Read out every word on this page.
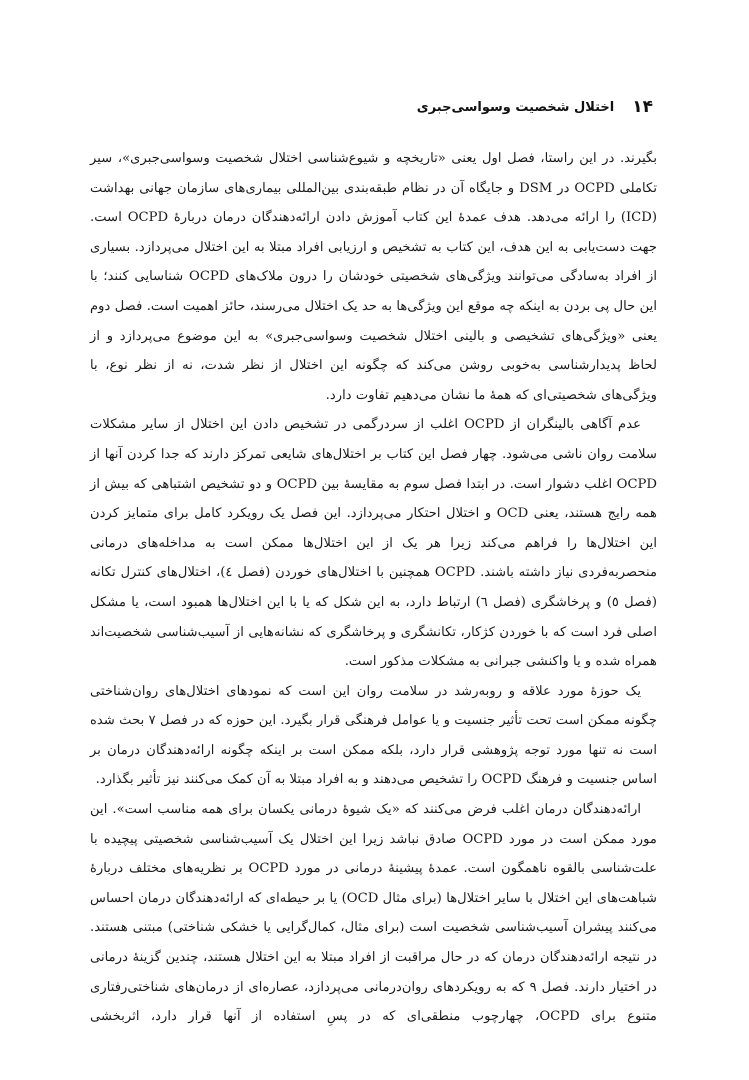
۱۴
اختلال شخصیت وسواسی‌جبری

بگیرند. در این راستا، فصل اول یعنی «تاریخچه و شیوع‌شناسی اختلال شخصیت وسواسی‌جبری»، سیر تکاملی OCPD در DSM و جایگاه آن در نظام طبقه‌بندی بین‌المللی بیماری‌های سازمان جهانی بهداشت (ICD) را ارائه می‌دهد. هدف عمدهٔ این کتاب آموزش دادن ارائه‌دهندگان درمان دربارهٔ OCPD است. جهت دست‌یابی به این هدف، این کتاب به تشخیص و ارزیابی افراد مبتلا به این اختلال می‌پردازد. بسیاری از افراد به‌سادگی می‌توانند ویژگی‌های شخصیتی خودشان را درون ملاک‌های OCPD شناسایی کنند؛ با این حال پی بردن به اینکه چه موقع این ویژگی‌ها به حد یک اختلال می‌رسند، حائز اهمیت است. فصل دوم یعنی «ویژگی‌های تشخیصی و بالینی اختلال شخصیت وسواسی‌جبری» به این موضوع می‌پردازد و از لحاظ پدیدارشناسی به‌خوبی روشن می‌کند که چگونه این اختلال از نظر شدت، نه از نظر نوع، با ویژگی‌های شخصیتی‌ای که همهٔ ما نشان می‌دهیم تفاوت دارد.

عدم آگاهی بالینگران از OCPD اغلب از سردرگمی در تشخیص دادن این اختلال از سایر مشکلات سلامت روان ناشی می‌شود. چهار فصل این کتاب بر اختلال‌های شایعی تمرکز دارند که جدا کردن آنها از OCPD اغلب دشوار است. در ابتدا فصل سوم به مقایسهٔ بین OCPD و دو تشخیص اشتباهی که بیش از همه رایج هستند، یعنی OCD و اختلال احتکار می‌پردازد. این فصل یک رویکرد کامل برای متمایز کردن این اختلال‌ها را فراهم می‌کند زیرا هر یک از این اختلال‌ها ممکن است به مداخله‌های درمانی منحصربه‌فردی نیاز داشته باشند. OCPD همچنین با اختلال‌های خوردن (فصل ٤)، اختلال‌های کنترل تکانه (فصل ٥) و پرخاشگری (فصل ٦) ارتباط دارد، به این شکل که یا با این اختلال‌ها همبود است، یا مشکل اصلی فرد است که با خوردن کژکار، تکانشگری و پرخاشگری که نشانه‌هایی از آسیب‌شناسی شخصیت‌اند همراه شده و یا واکنشی جبرانی به مشکلات مذکور است.

یک حوزهٔ مورد علاقه و روبه‌رشد در سلامت روان این است که نمودهای اختلال‌های روان‌شناختی چگونه ممکن است تحت تأثیر جنسیت و یا عوامل فرهنگی قرار بگیرد. این حوزه که در فصل ۷ بحث شده است نه تنها مورد توجه پژوهشی قرار دارد، بلکه ممکن است بر اینکه چگونه ارائه‌دهندگان درمان بر اساس جنسیت و فرهنگ OCPD را تشخیص می‌دهند و به افراد مبتلا به آن کمک می‌کنند نیز تأثیر بگذارد.

ارائه‌دهندگان درمان اغلب فرض می‌کنند که «یک شیوهٔ درمانی یکسان برای همه مناسب است». این مورد ممکن است در مورد OCPD صادق نباشد زیرا این اختلال یک آسیب‌شناسی شخصیتی پیچیده با علت‌شناسی بالقوه ناهمگون است. عمدهٔ پیشینهٔ درمانی در مورد OCPD بر نظریه‌های مختلف دربارهٔ شباهت‌های این اختلال با سایر اختلال‌ها (برای مثال OCD) یا بر حیطه‌ای که ارائه‌دهندگان درمان احساس می‌کنند پیشران آسیب‌شناسی شخصیت است (برای مثال، کمال‌گرایی یا خشکی شناختی) مبتنی هستند. در نتیجه ارائه‌دهندگان درمان که در حال مراقبت از افراد مبتلا به این اختلال هستند، چندین گزینهٔ درمانی در اختیار دارند. فصل ۹ که به رویکردهای روان‌درمانی می‌پردازد، عصاره‌ای از درمان‌های شناختی‌رفتاری متنوع برای OCPD، چهارچوب منطقی‌ای که در پسِ استفاده از آنها قرار دارد، اثربخشی
